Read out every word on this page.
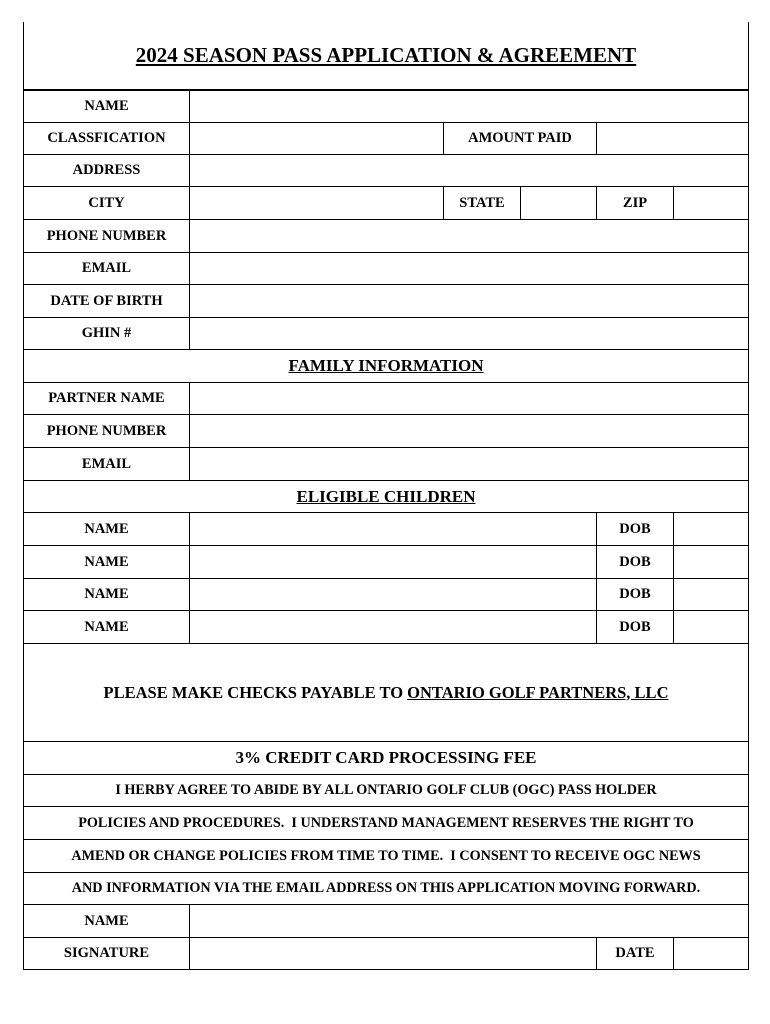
2024 SEASON PASS APPLICATION & AGREEMENT
NAME
CLASSFICATION	AMOUNT PAID
ADDRESS
CITY	STATE	ZIP
PHONE NUMBER
EMAIL
DATE OF BIRTH
GHIN #
FAMILY INFORMATION
PARTNER NAME
PHONE NUMBER
EMAIL
ELIGIBLE CHILDREN
NAME	DOB
NAME	DOB
NAME	DOB
NAME	DOB
PLEASE MAKE CHECKS PAYABLE TO ONTARIO GOLF PARTNERS, LLC
3% CREDIT CARD PROCESSING FEE
I HERBY AGREE TO ABIDE BY ALL ONTARIO GOLF CLUB (OGC) PASS HOLDER
POLICIES AND PROCEDURES.  I UNDERSTAND MANAGEMENT RESERVES THE RIGHT TO
AMEND OR CHANGE POLICIES FROM TIME TO TIME.  I CONSENT TO RECEIVE OGC NEWS
AND INFORMATION VIA THE EMAIL ADDRESS ON THIS APPLICATION MOVING FORWARD.
NAME
SIGNATURE	DATE
